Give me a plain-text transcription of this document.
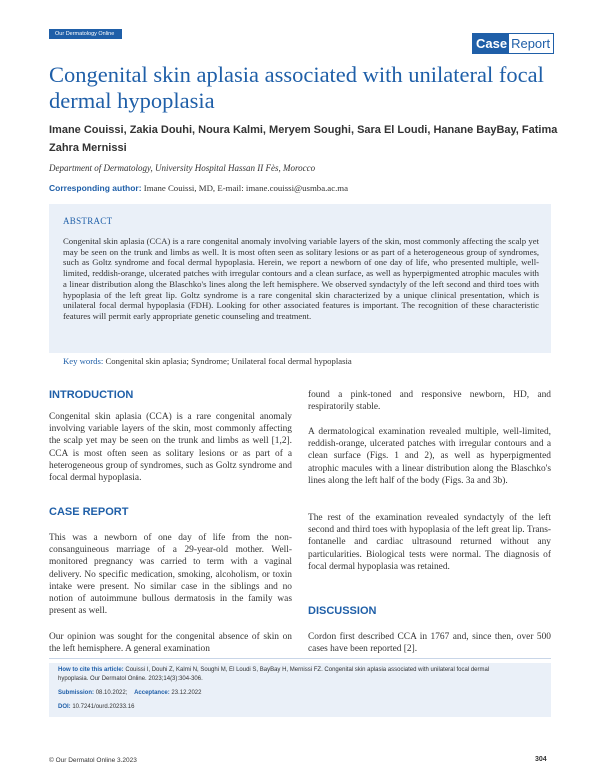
Our Dermatology Online
Case Report
Congenital skin aplasia associated with unilateral focal dermal hypoplasia
Imane Couissi, Zakia Douhi, Noura Kalmi, Meryem Soughi, Sara El Loudi, Hanane BayBay, Fatima Zahra Mernissi
Department of Dermatology, University Hospital Hassan II Fès, Morocco
Corresponding author: Imane Couissi, MD, E-mail: imane.couissi@usmba.ac.ma
ABSTRACT
Congenital skin aplasia (CCA) is a rare congenital anomaly involving variable layers of the skin, most commonly affecting the scalp yet may be seen on the trunk and limbs as well. It is most often seen as solitary lesions or as part of a heterogeneous group of syndromes, such as Goltz syndrome and focal dermal hypoplasia. Herein, we report a newborn of one day of life, who presented multiple, well-limited, reddish-orange, ulcerated patches with irregular contours and a clean surface, as well as hyperpigmented atrophic macules with a linear distribution along the Blaschko's lines along the left hemisphere. We observed syndactyly of the left second and third toes with hypoplasia of the left great lip. Goltz syndrome is a rare congenital skin characterized by a unique clinical presentation, which is unilateral focal dermal hypoplasia (FDH). Looking for other associated features is important. The recognition of these characteristic features will permit early appropriate genetic counseling and treatment.
Key words: Congenital skin aplasia; Syndrome; Unilateral focal dermal hypoplasia
INTRODUCTION
Congenital skin aplasia (CCA) is a rare congenital anomaly involving variable layers of the skin, most commonly affecting the scalp yet may be seen on the trunk and limbs as well [1,2]. CCA is most often seen as solitary lesions or as part of a heterogeneous group of syndromes, such as Goltz syndrome and focal dermal hypoplasia.
CASE REPORT
This was a newborn of one day of life from the non-consanguineous marriage of a 29-year-old mother. Well-monitored pregnancy was carried to term with a vaginal delivery. No specific medication, smoking, alcoholism, or toxin intake were present. No similar case in the siblings and no notion of autoimmune bullous dermatosis in the family was present as well.
Our opinion was sought for the congenital absence of skin on the left hemisphere. A general examination
found a pink-toned and responsive newborn, HD, and respiratorily stable.
A dermatological examination revealed multiple, well-limited, reddish-orange, ulcerated patches with irregular contours and a clean surface (Figs. 1 and 2), as well as hyperpigmented atrophic macules with a linear distribution along the Blaschko's lines along the left half of the body (Figs. 3a and 3b).
The rest of the examination revealed syndactyly of the left second and third toes with hypoplasia of the left great lip. Trans-fontanelle and cardiac ultrasound returned without any particularities. Biological tests were normal. The diagnosis of focal dermal hypoplasia was retained.
DISCUSSION
Cordon first described CCA in 1767 and, since then, over 500 cases have been reported [2].
How to cite this article: Couissi I, Douhi Z, Kalmi N, Soughi M, El Loudi S, BayBay H, Mernissi FZ. Congenital skin aplasia associated with unilateral focal dermal
hypoplasia. Our Dermatol Online. 2023;14(3):304-306.
Submission: 08.10.2022; Acceptance: 23.12.2022
DOI: 10.7241/ourd.20233.16
© Our Dermatol Online 3.2023	304
